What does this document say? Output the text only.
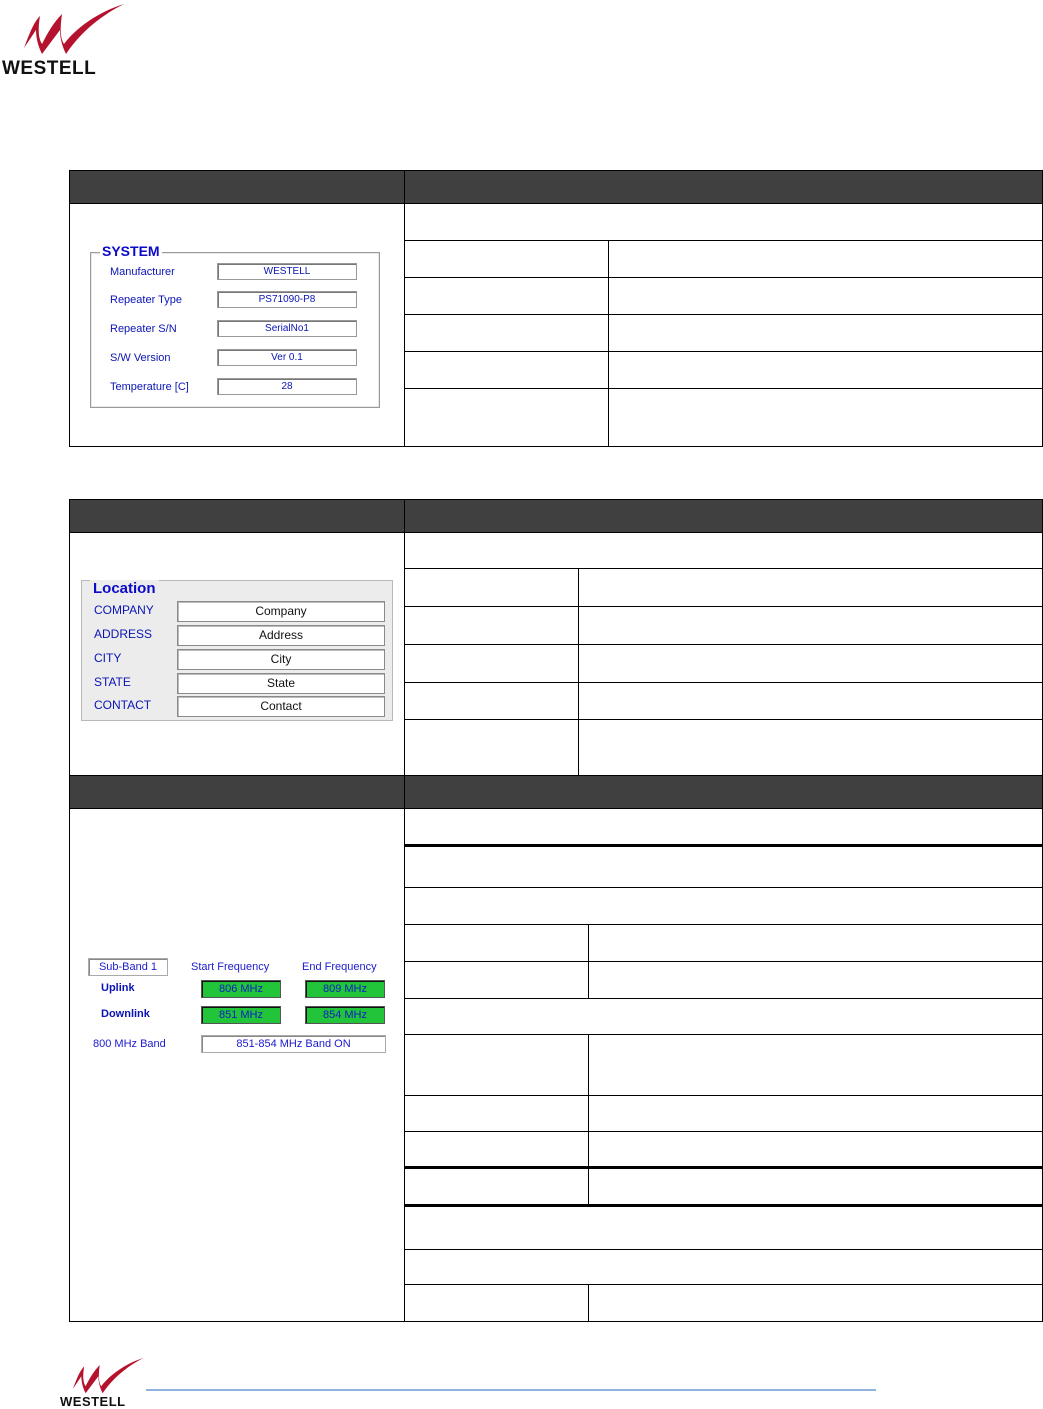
WESTELL

SYSTEM
Manufacturer	WESTELL
Repeater Type	PS71090-P8
Repeater S/N	SerialNo1
S/W Version	Ver 0.1
Temperature [C]	28

Location
COMPANY	Company
ADDRESS	Address
CITY	City
STATE	State
CONTACT	Contact
Sub-Band 1	Start Frequency	End Frequency
Uplink	806 MHz	809 MHz
Downlink	851 MHz	854 MHz
800 MHz Band	851-854 MHz Band ON
WESTELL
